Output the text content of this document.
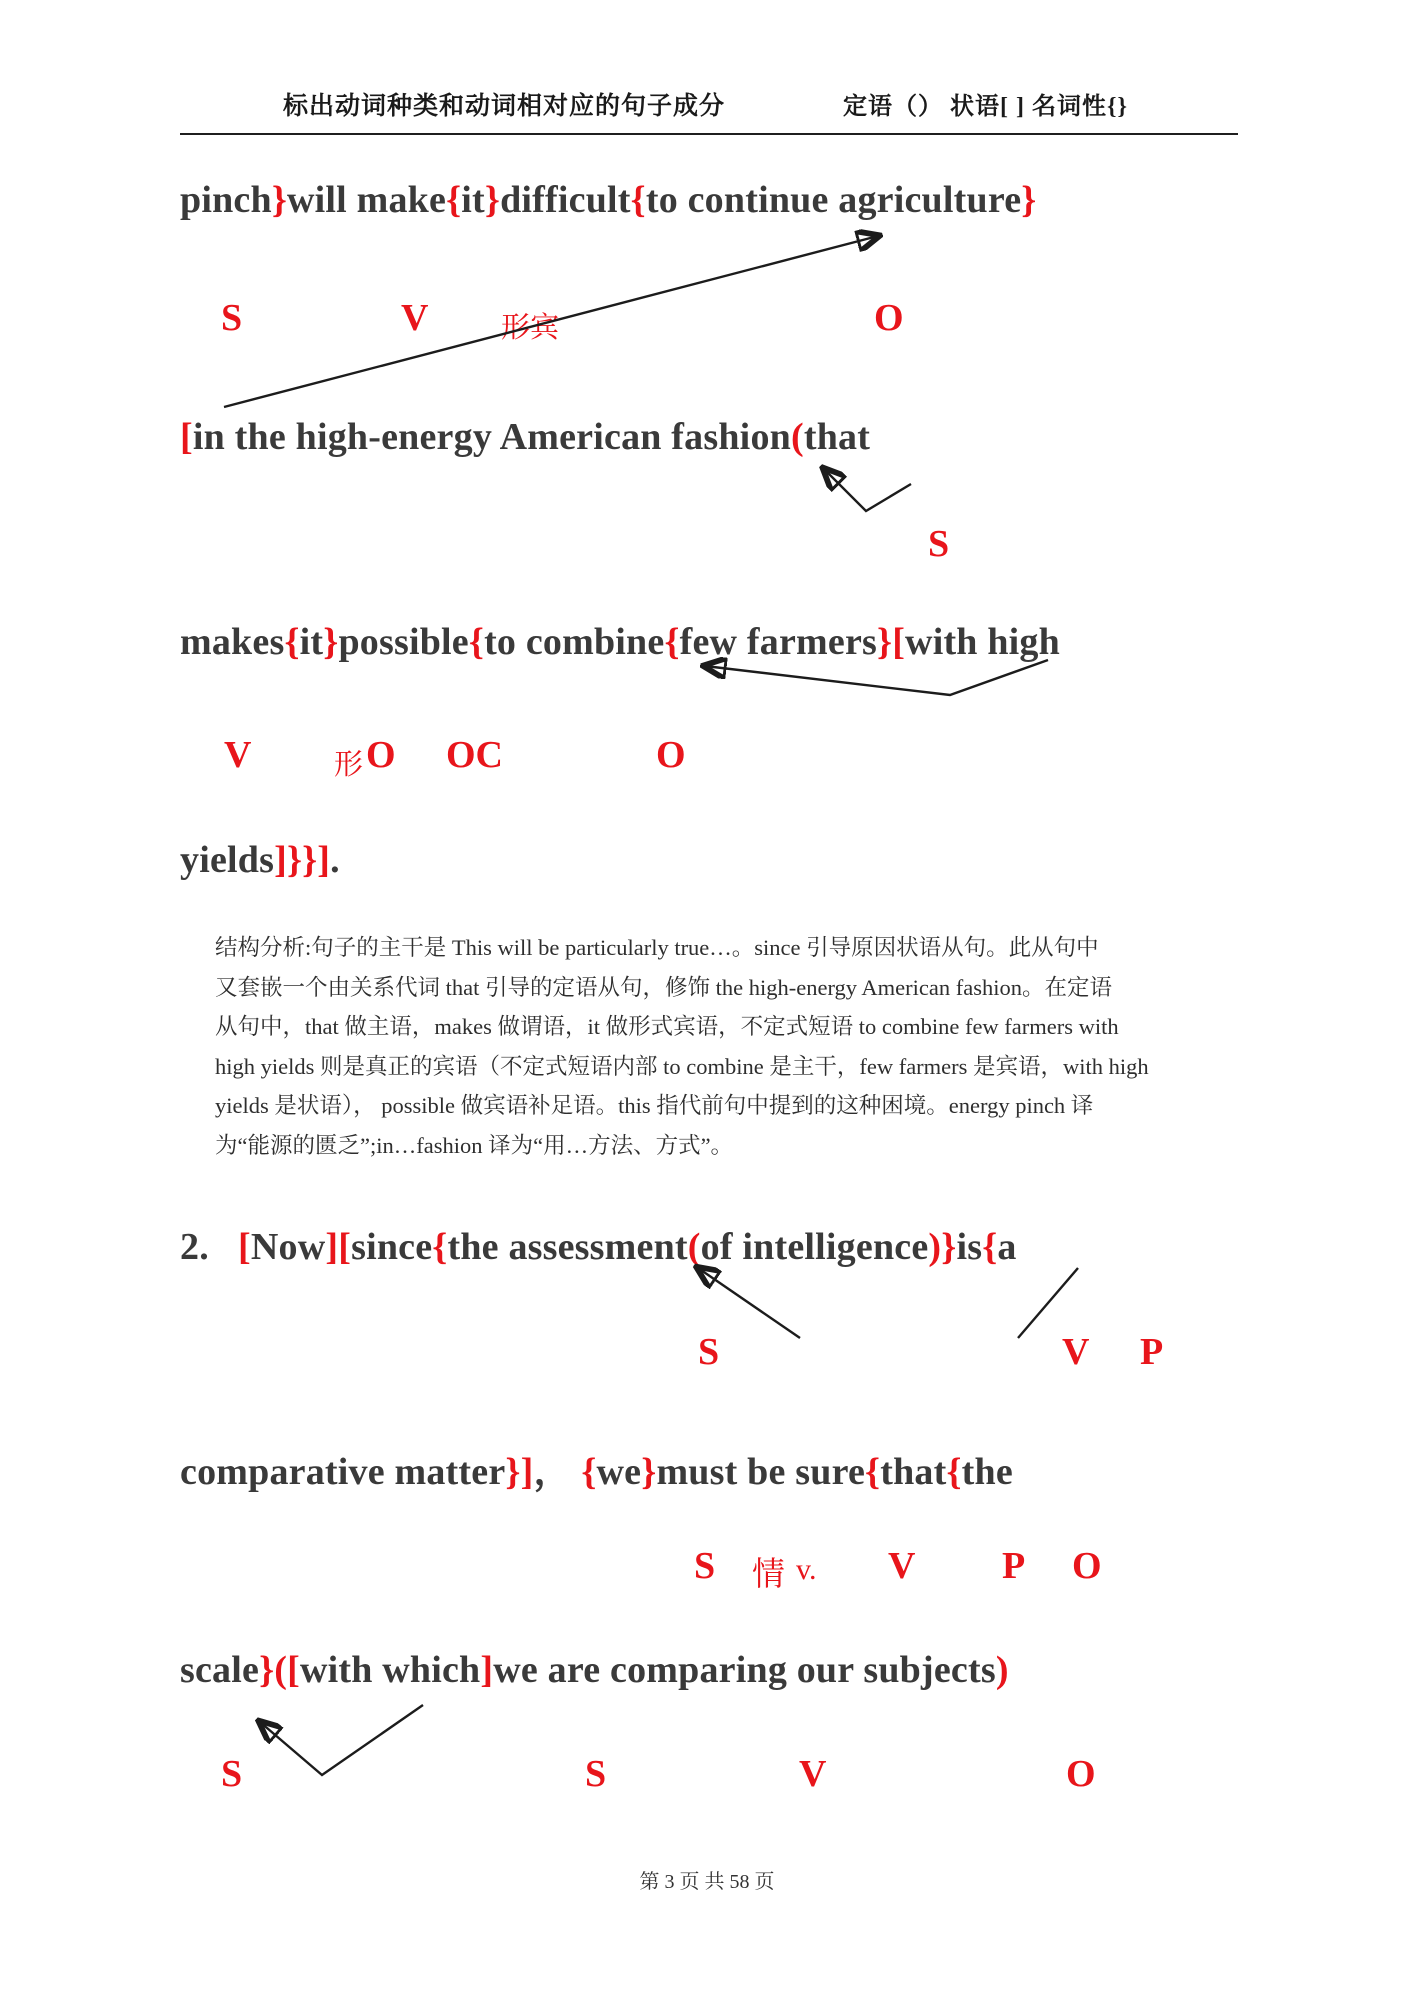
标出动词种类和动词相对应的句子成分	定语（） 状语[ ] 名词性{}
pinch}will make{it}difficult{to continue agriculture}
S	V	形宾	O
[in the high-energy American fashion(that
S
makes{it}possible{to combine{few farmers}[with high
V	形 O OC	O
yields]}}].
结构分析:句子的主干是 This will be particularly true…。since 引导原因状语从句。此从句中
又套嵌一个由关系代词 that 引导的定语从句，修饰 the high-energy American fashion。在定语
从句中，that 做主语，makes 做谓语，it 做形式宾语，不定式短语 to combine few farmers with
high yields 则是真正的宾语（不定式短语内部 to combine 是主干，few farmers 是宾语，with high
yields 是状语）， possible 做宾语补足语。this 指代前句中提到的这种困境。energy pinch 译
为“能源的匮乏”;in…fashion 译为“用…方法、方式”。
2.   [Now][since{the assessment(of intelligence)}is{a
S	V P
comparative matter}]， {we}must be sure{that{the
S 情 v. V P O
scale}([with which]we are comparing our subjects)
S	S	V	O
第 3 页 共 58 页
